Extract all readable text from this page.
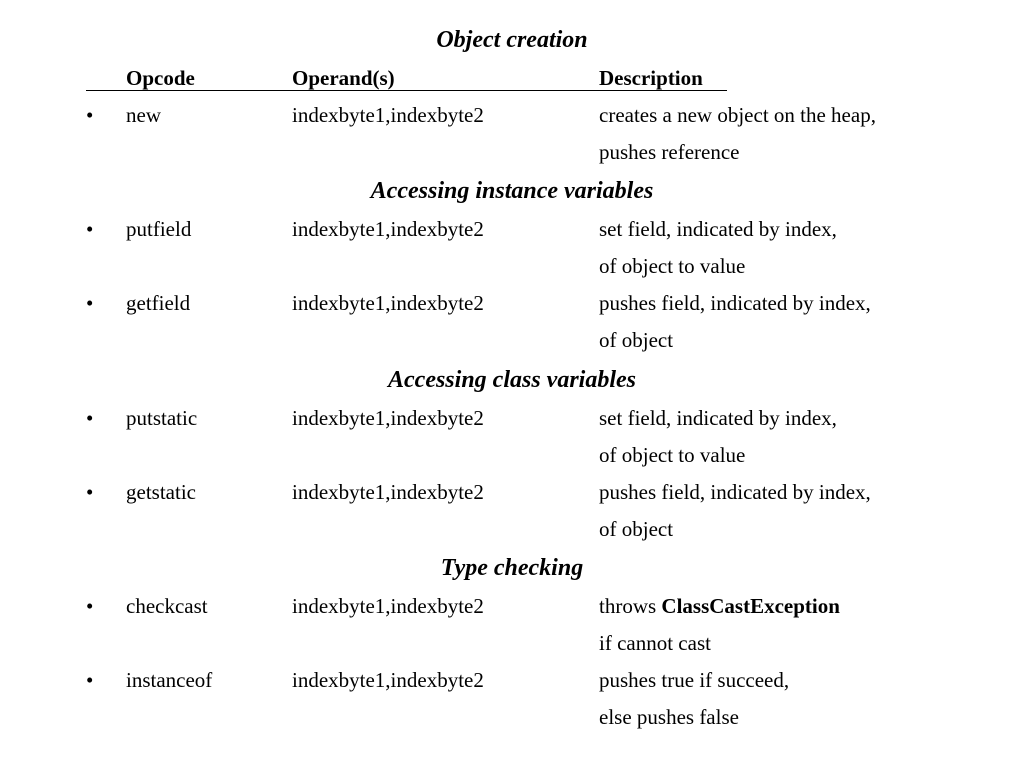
Object creation
Opcode	Operand(s)	Description
• new	indexbyte1,indexbyte2	creates a new object on the heap,
pushes reference
Accessing instance variables
• putfield	indexbyte1,indexbyte2	set field, indicated by index,
of object to value
• getfield	indexbyte1,indexbyte2	pushes field, indicated by index,
of object
Accessing class variables
• putstatic	indexbyte1,indexbyte2	set field, indicated by index,
of object to value
• getstatic	indexbyte1,indexbyte2	pushes field, indicated by index,
of object
Type checking
• checkcast	indexbyte1,indexbyte2	throws ClassCastException
if cannot cast
• instanceof	indexbyte1,indexbyte2	pushes true if succeed,
else pushes false
